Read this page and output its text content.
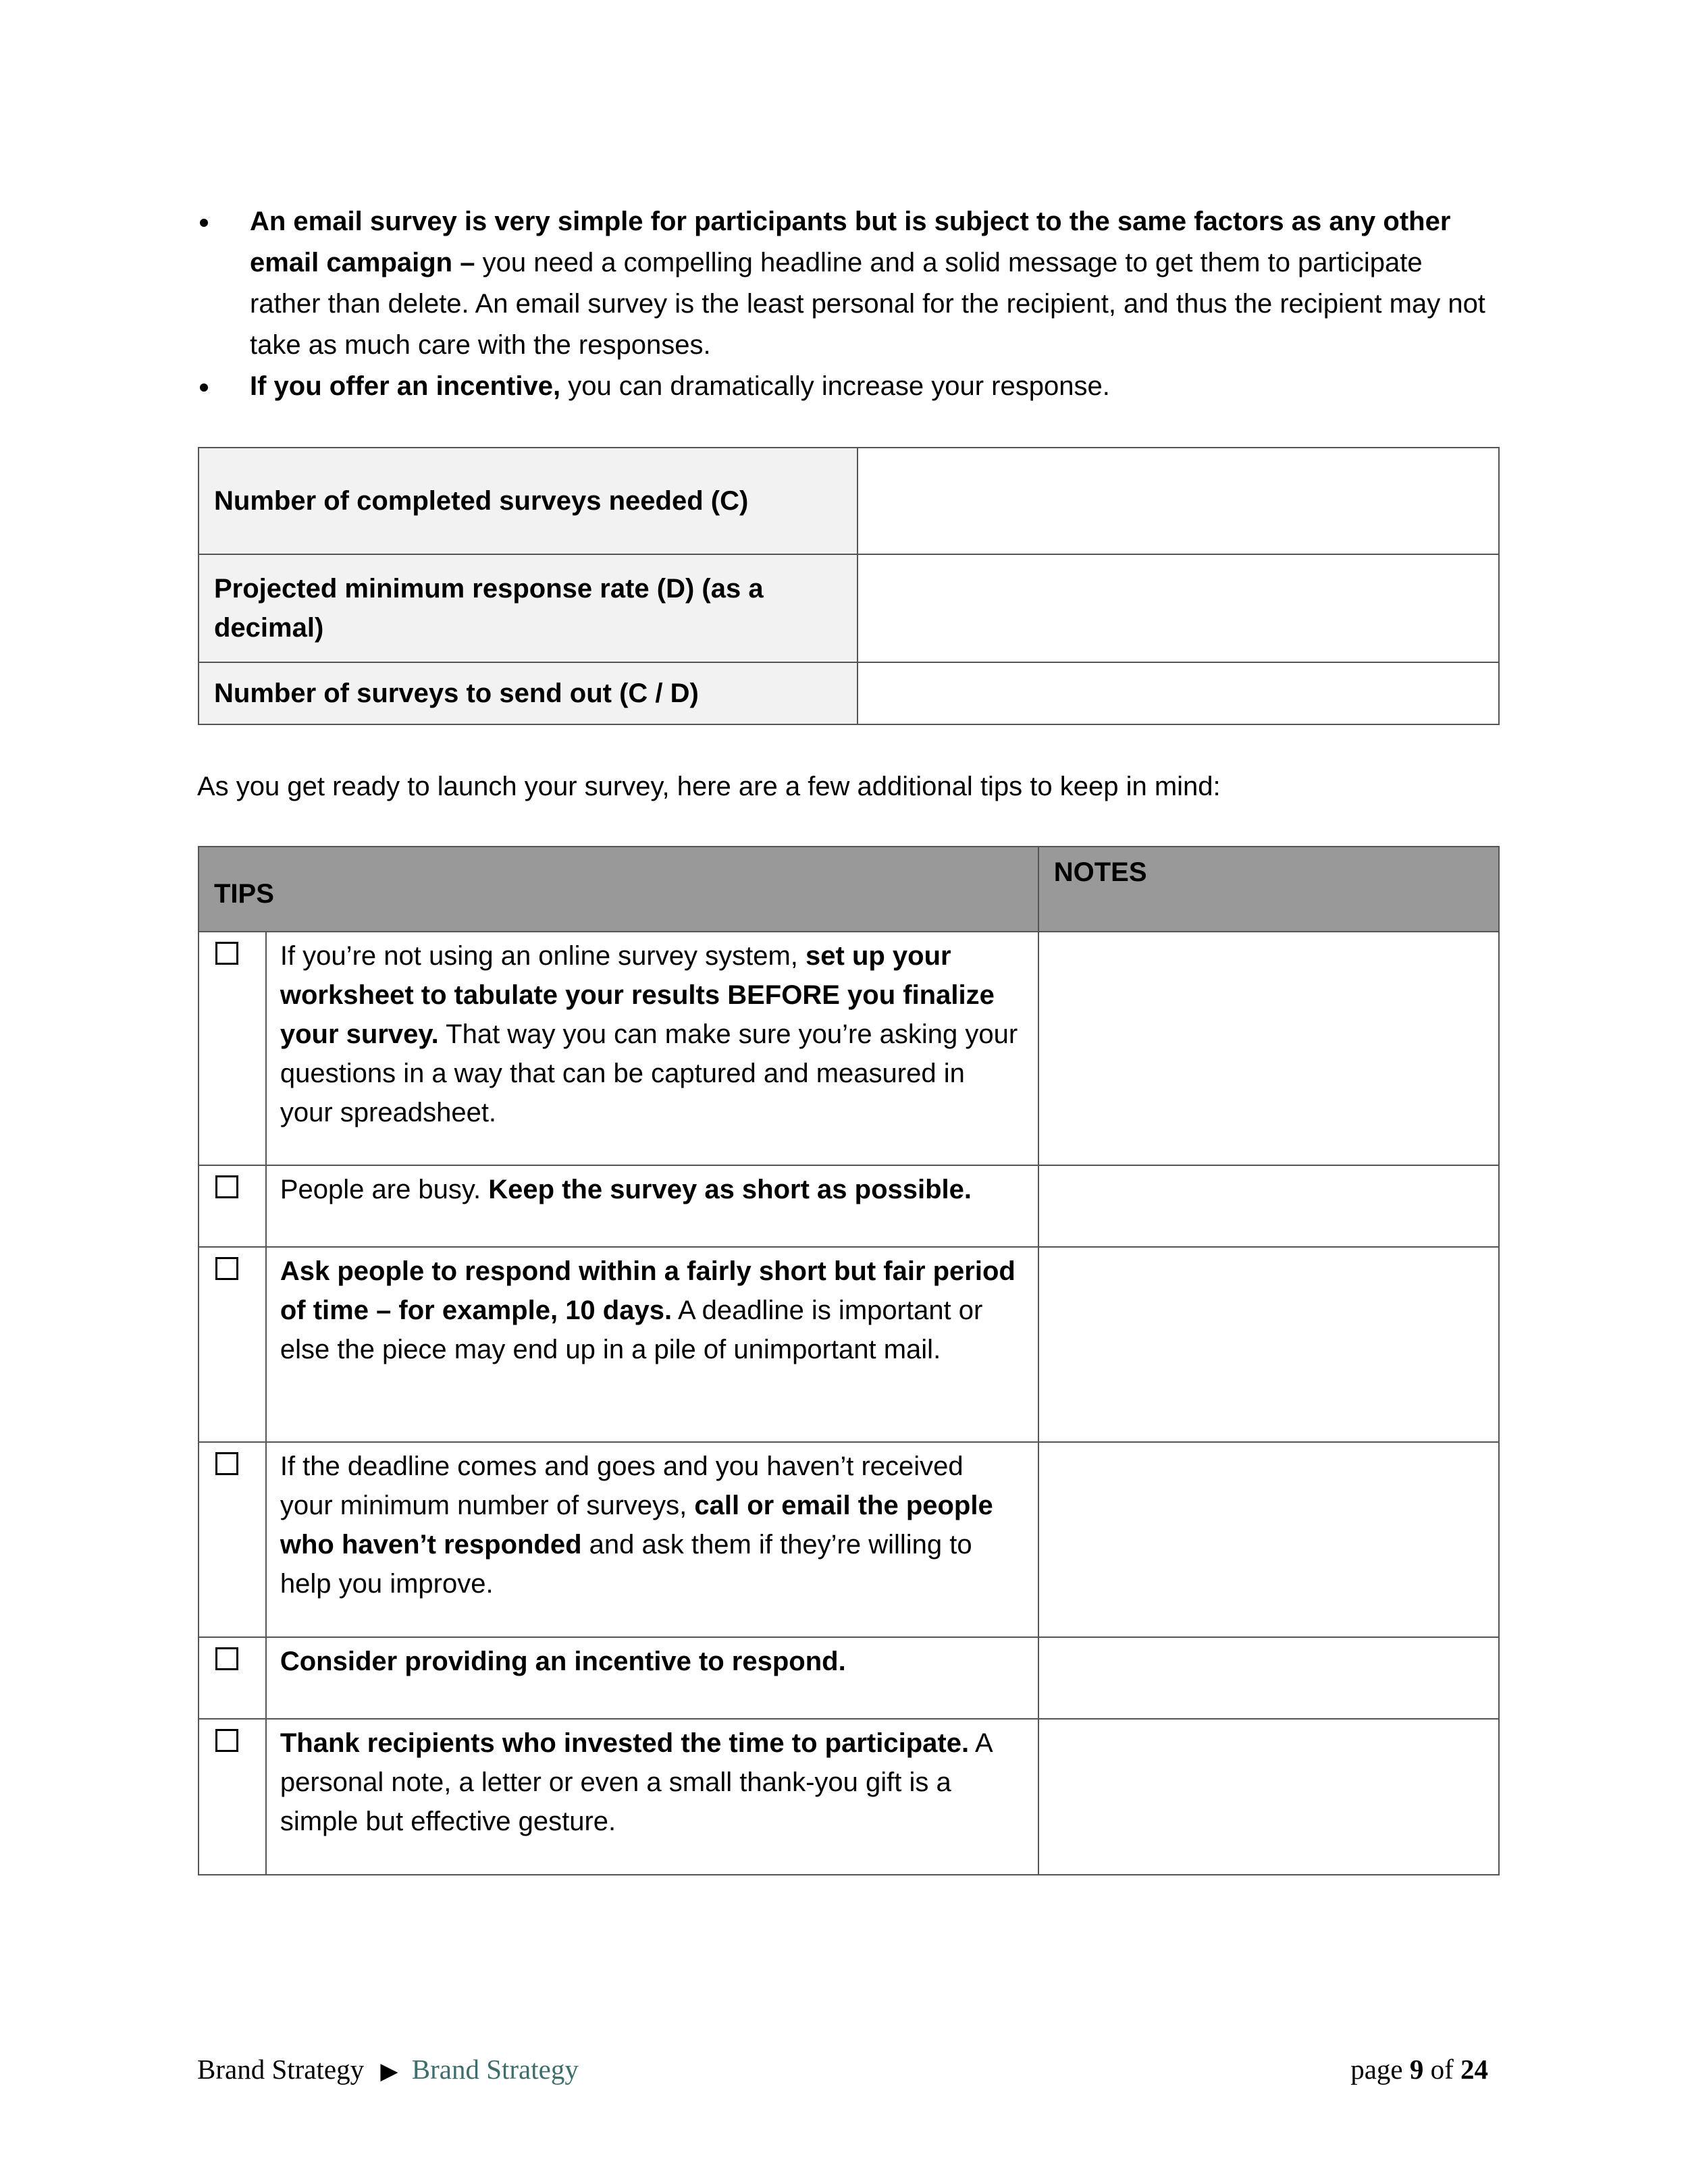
An email survey is very simple for participants but is subject to the same factors as any other email campaign – you need a compelling headline and a solid message to get them to participate rather than delete. An email survey is the least personal for the recipient, and thus the recipient may not take as much care with the responses.
If you offer an incentive, you can dramatically increase your response.
Number of completed surveys needed (C)	
Projected minimum response rate (D) (as a decimal)	
Number of surveys to send out (C / D)	
As you get ready to launch your survey, here are a few additional tips to keep in mind:
TIPS		NOTES

	If you’re not using an online survey system, set up your worksheet to tabulate your results BEFORE you finalize your survey. That way you can make sure you’re asking your questions in a way that can be captured and measured in your spreadsheet.	

	People are busy. Keep the survey as short as possible.	

	Ask people to respond within a fairly short but fair period of time – for example, 10 days. A deadline is important or else the piece may end up in a pile of unimportant mail.	

	If the deadline comes and goes and you haven’t received your minimum number of surveys, call or email the people who haven’t responded and ask them if they’re willing to help you improve.	

	Consider providing an incentive to respond.	

	Thank recipients who invested the time to participate. A personal note, a letter or even a small thank-you gift is a simple but effective gesture.	
Brand Strategy ▶ Brand Strategy	page 9 of 24
